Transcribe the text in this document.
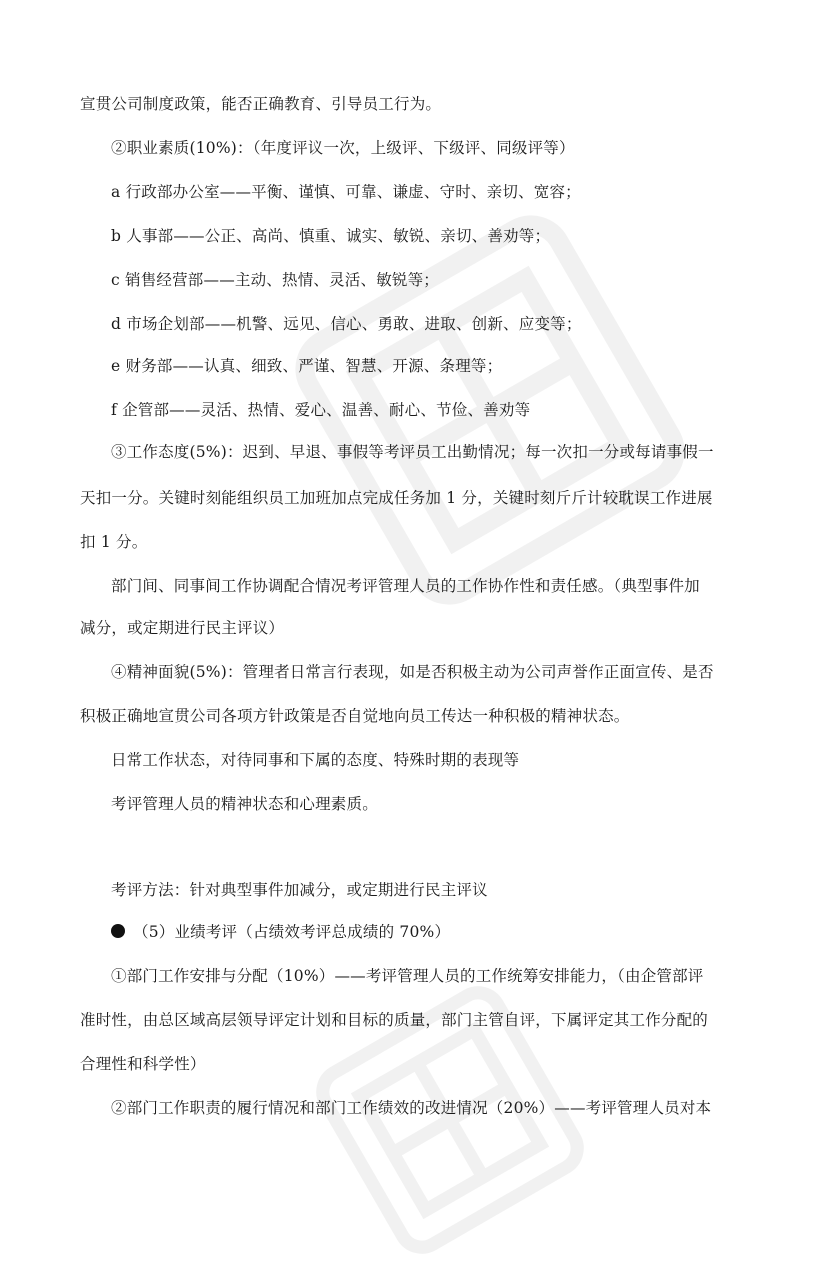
宣贯公司制度政策，能否正确教育、引导员工行为。
②职业素质(10%)：（年度评议一次，上级评、下级评、同级评等）
a 行政部办公室——平衡、谨慎、可靠、谦虚、守时、亲切、宽容；
b 人事部——公正、高尚、慎重、诚实、敏锐、亲切、善劝等；
c 销售经营部——主动、热情、灵活、敏锐等；
d 市场企划部——机警、远见、信心、勇敢、进取、创新、应变等；
e 财务部——认真、细致、严谨、智慧、开源、条理等；
f 企管部——灵活、热情、爱心、温善、耐心、节俭、善劝等
③工作态度(5%)：迟到、早退、事假等考评员工出勤情况；每一次扣一分或每请事假一
天扣一分。关键时刻能组织员工加班加点完成任务加 1 分，关键时刻斤斤计较耽误工作进展
扣 1 分。
部门间、同事间工作协调配合情况考评管理人员的工作协作性和责任感。（典型事件加
减分，或定期进行民主评议）
④精神面貌(5%)：管理者日常言行表现，如是否积极主动为公司声誉作正面宣传、是否
积极正确地宣贯公司各项方针政策是否自觉地向员工传达一种积极的精神状态。
日常工作状态，对待同事和下属的态度、特殊时期的表现等
考评管理人员的精神状态和心理素质。
考评方法：针对典型事件加减分，或定期进行民主评议
（5）业绩考评（占绩效考评总成绩的 70%）
①部门工作安排与分配（10%）——考评管理人员的工作统筹安排能力，（由企管部评
准时性，由总区域高层领导评定计划和目标的质量，部门主管自评，下属评定其工作分配的
合理性和科学性）
②部门工作职责的履行情况和部门工作绩效的改进情况（20%）——考评管理人员对本
